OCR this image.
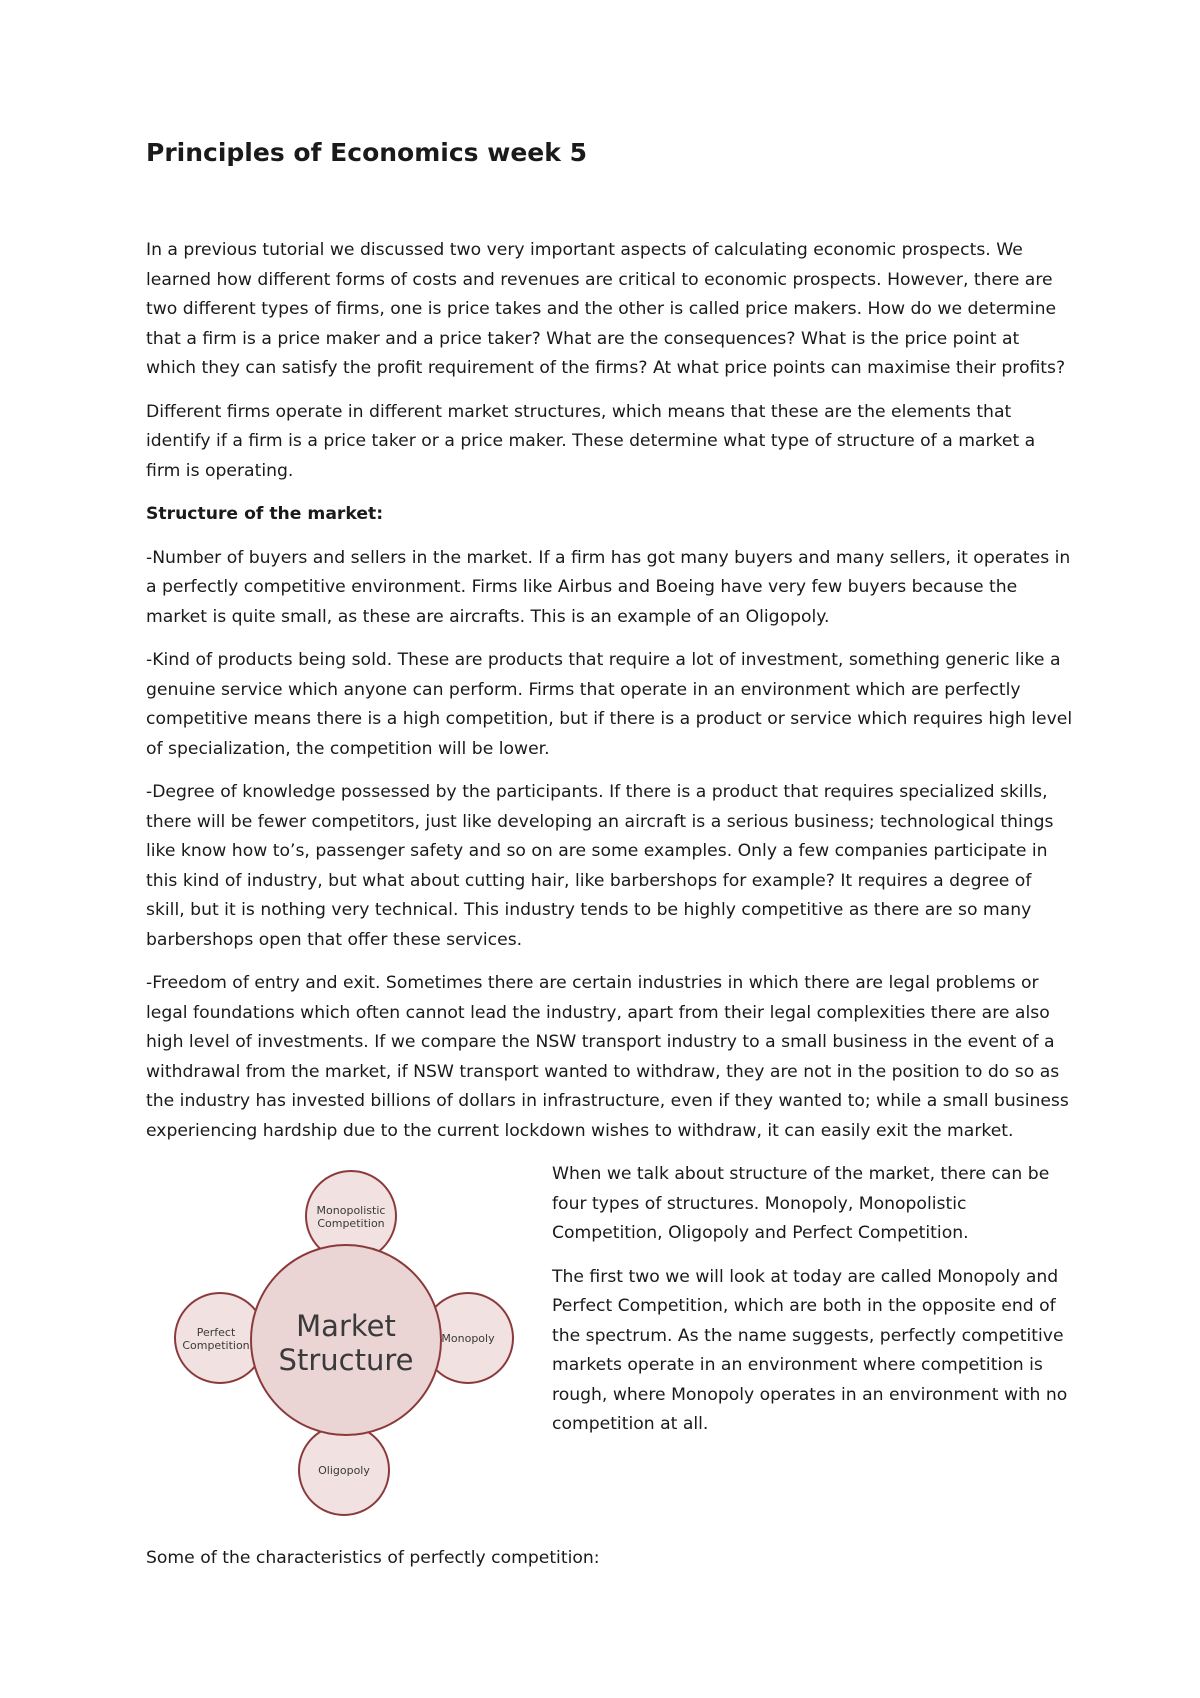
Principles of Economics week 5

In a previous tutorial we discussed two very important aspects of calculating economic prospects. We learned how different forms of costs and revenues are critical to economic prospects. However, there are two different types of firms, one is price takes and the other is called price makers. How do we determine that a firm is a price maker and a price taker? What are the consequences? What is the price point at which they can satisfy the profit requirement of the firms? At what price points can maximise their profits?

Different firms operate in different market structures, which means that these are the elements that identify if a firm is a price taker or a price maker. These determine what type of structure of a market a firm is operating.

Structure of the market:

-Number of buyers and sellers in the market. If a firm has got many buyers and many sellers, it operates in a perfectly competitive environment. Firms like Airbus and Boeing have very few buyers because the market is quite small, as these are aircrafts. This is an example of an Oligopoly.

-Kind of products being sold. These are products that require a lot of investment, something generic like a genuine service which anyone can perform. Firms that operate in an environment which are perfectly competitive means there is a high competition, but if there is a product or service which requires high level of specialization, the competition will be lower.

-Degree of knowledge possessed by the participants. If there is a product that requires specialized skills, there will be fewer competitors, just like developing an aircraft is a serious business; technological things like know how to’s, passenger safety and so on are some examples. Only a few companies participate in this kind of industry, but what about cutting hair, like barbershops for example? It requires a degree of skill, but it is nothing very technical. This industry tends to be highly competitive as there are so many barbershops open that offer these services.

-Freedom of entry and exit. Sometimes there are certain industries in which there are legal problems or legal foundations which often cannot lead the industry, apart from their legal complexities there are also high level of investments. If we compare the NSW transport industry to a small business in the event of a withdrawal from the market, if NSW transport wanted to withdraw, they are not in the position to do so as the industry has invested billions of dollars in infrastructure, even if they wanted to; while a small business experiencing hardship due to the current lockdown wishes to withdraw, it can easily exit the market.

Market
Structure
Monopolistic
Competition
Perfect
Competition
Monopoly
Oligopoly

When we talk about structure of the market, there can be four types of structures. Monopoly, Monopolistic Competition, Oligopoly and Perfect Competition.

The first two we will look at today are called Monopoly and Perfect Competition, which are both in the opposite end of the spectrum. As the name suggests, perfectly competitive markets operate in an environment where competition is rough, where Monopoly operates in an environment with no competition at all.

Some of the characteristics of perfectly competition:
